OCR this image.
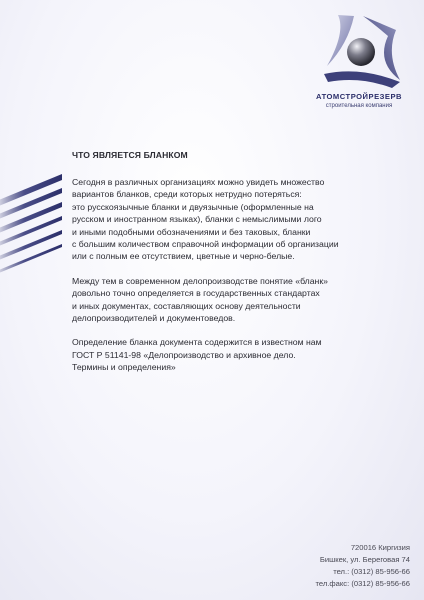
АТОМСТРОЙРЕЗЕРВ
строительная компания
ЧТО ЯВЛЯЕТСЯ БЛАНКОМ
Сегодня в различных организациях можно увидеть множество
вариантов бланков, среди которых нетрудно потеряться:
это русскоязычные бланки и двуязычные (оформленные на
русском и иностранном языках), бланки с немыслимыми лого
и иными подобными обозначениями и без таковых, бланки
с большим количеством справочной информации об организации
или с полным ее отсутствием, цветные и черно-белые.
Между тем в современном делопроизводстве понятие «бланк»
довольно точно определяется в государственных стандартах
и иных документах, составляющих основу деятельности
делопроизводителей и документоведов.
Определение бланка документа содержится в известном нам
ГОСТ Р 51141-98 «Делопроизводство и архивное дело.
Термины и определения»
720016 Киргизия
Бишкек, ул. Береговая 74
тел.: (0312) 85-956-66
тел.факс: (0312) 85-956-66
